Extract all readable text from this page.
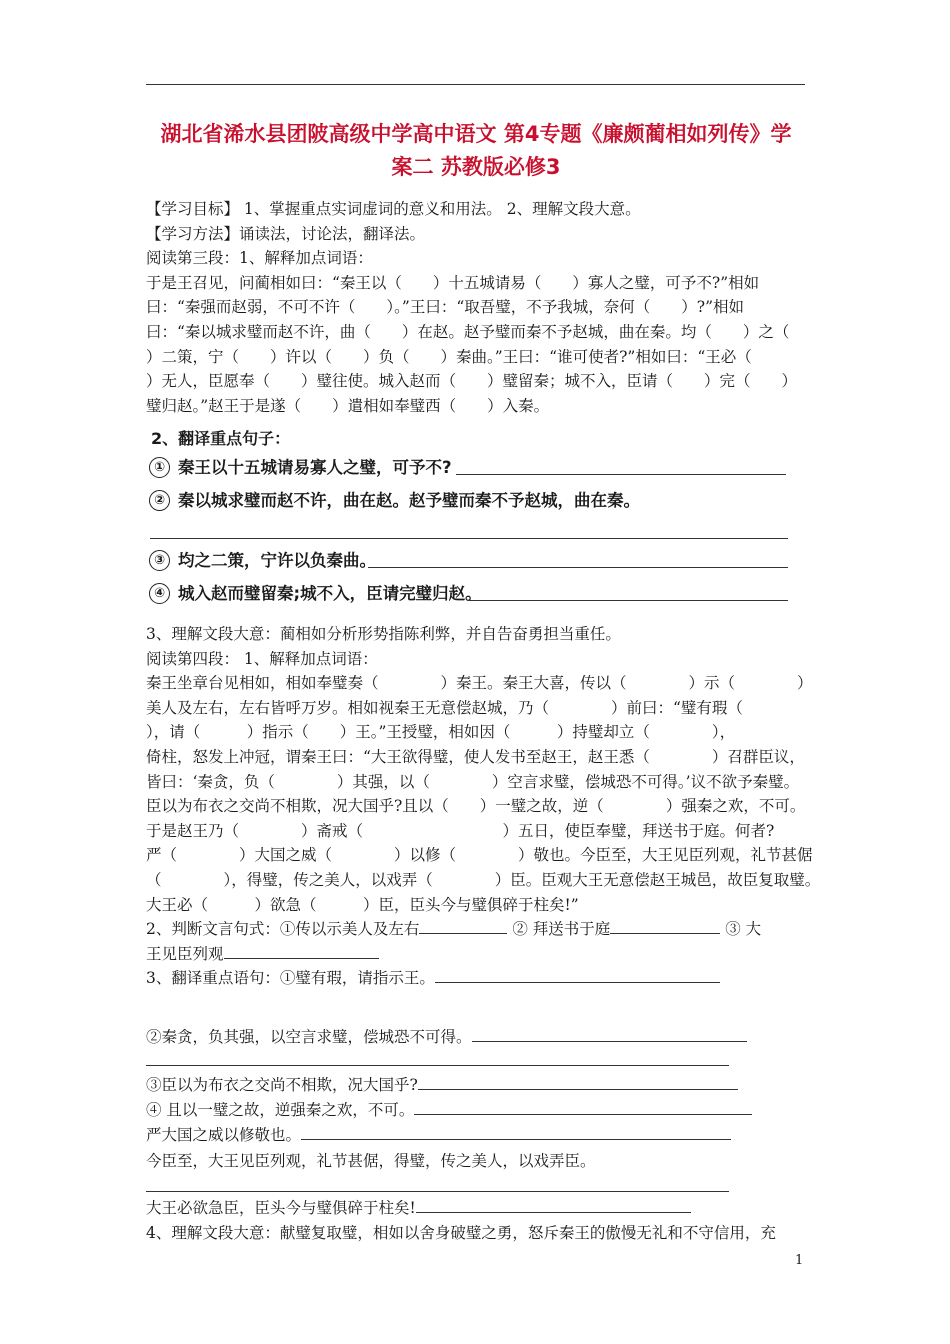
湖北省浠水县团陂高级中学高中语文 第4专题《廉颇蔺相如列传》学
案二 苏教版必修3
【学习目标】 1、掌握重点实词虚词的意义和用法。 2、理解文段大意。
【学习方法】诵读法，讨论法，翻译法。
阅读第三段：1、解释加点词语：
于是王召见，问蔺相如曰：“秦王以（　　）十五城请易（　　）寡人之璧，可予不?”相如
曰：“秦强而赵弱，不可不许（　　）。”王曰：“取吾璧，不予我城，奈何（　　）?”相如
曰：“秦以城求璧而赵不许，曲（　　）在赵。赵予璧而秦不予赵城，曲在秦。均（　　）之（
）二策，宁（　　）许以（　　）负（　　）秦曲。”王曰：“谁可使者?”相如曰：“王必（
）无人，臣愿奉（　　）璧往使。城入赵而（　　）璧留秦；城不入，臣请（　　）完（　　）
璧归赵。”赵王于是遂（　　）遣相如奉璧西（　　）入秦。
2、翻译重点句子：
① 秦王以十五城请易寡人之璧，可予不?
② 秦以城求璧而赵不许，曲在赵。赵予璧而秦不予赵城，曲在秦。
③ 均之二策，宁许以负秦曲。
④ 城入赵而璧留秦;城不入，臣请完璧归赵。
3、理解文段大意：蔺相如分析形势指陈利弊，并自告奋勇担当重任。
阅读第四段： 1、解释加点词语：
秦王坐章台见相如，相如奉璧奏（　　　　）秦王。秦王大喜，传以（　　　　）示（　　　　）
美人及左右，左右皆呼万岁。相如视秦王无意偿赵城，乃（　　　　）前曰：“璧有瑕（
），请（　　　）指示（　　）王。”王授璧，相如因（　　　）持璧却立（　　　　），
倚柱，怒发上冲冠，谓秦王曰：“大王欲得璧，使人发书至赵王，赵王悉（　　　　）召群臣议，
皆曰：‘秦贪，负（　　　　）其强，以（　　　　）空言求璧，偿城恐不可得。’议不欲予秦璧。
臣以为布衣之交尚不相欺，况大国乎?且以（　　）一璧之故，逆（　　　　）强秦之欢，不可。
于是赵王乃（　　　　）斋戒（　　　　　　　　　）五日，使臣奉璧，拜送书于庭。何者?
严（　　　　）大国之威（　　　　）以修（　　　　）敬也。今臣至，大王见臣列观，礼节甚倨
（　　　　），得璧，传之美人，以戏弄（　　　　）臣。臣观大王无意偿赵王城邑，故臣复取璧。
大王必（　　　）欲急（　　　）臣，臣头今与璧俱碎于柱矣!”
2、判断文言句式：①传以示美人及左右	② 拜送书于庭	③ 大
王见臣列观
3、翻译重点语句：①璧有瑕，请指示王。
②秦贪，负其强，以空言求璧，偿城恐不可得。
③臣以为布衣之交尚不相欺，况大国乎?
④ 且以一璧之故，逆强秦之欢，不可。
严大国之威以修敬也。
今臣至，大王见臣列观，礼节甚倨，得璧，传之美人，以戏弄臣。
大王必欲急臣，臣头今与璧俱碎于柱矣!
4、理解文段大意：献璧复取璧，相如以舍身破璧之勇，怒斥秦王的傲慢无礼和不守信用，充
1
